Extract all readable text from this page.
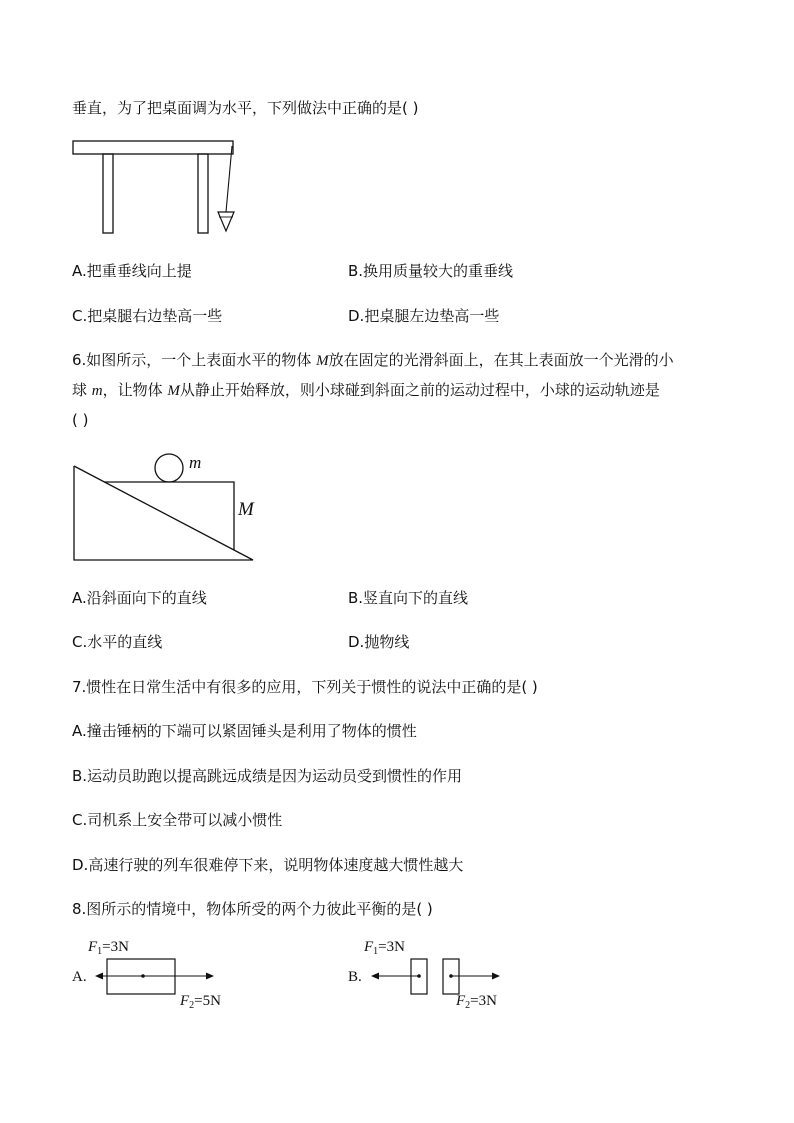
垂直，为了把桌面调为水平，下列做法中正确的是( )
A.把重垂线向上提	B.换用质量较大的重垂线
C.把桌腿右边垫高一些	D.把桌腿左边垫高一些
6.如图所示，一个上表面水平的物体 M放在固定的光滑斜面上，在其上表面放一个光滑的小
球 m，让物体 M从静止开始释放，则小球碰到斜面之前的运动过程中，小球的运动轨迹是
( )
m
M
A.沿斜面向下的直线	B.竖直向下的直线
C.水平的直线	D.抛物线
7.惯性在日常生活中有很多的应用，下列关于惯性的说法中正确的是( )
A.撞击锤柄的下端可以紧固锤头是利用了物体的惯性
B.运动员助跑以提高跳远成绩是因为运动员受到惯性的作用
C.司机系上安全带可以减小惯性
D.高速行驶的列车很难停下来，说明物体速度越大惯性越大
8.图所示的情境中，物体所受的两个力彼此平衡的是( )
A.
$F_1=3N$
$F_2=5N$
B.
$F_1=3N$
$F_2=3N$
